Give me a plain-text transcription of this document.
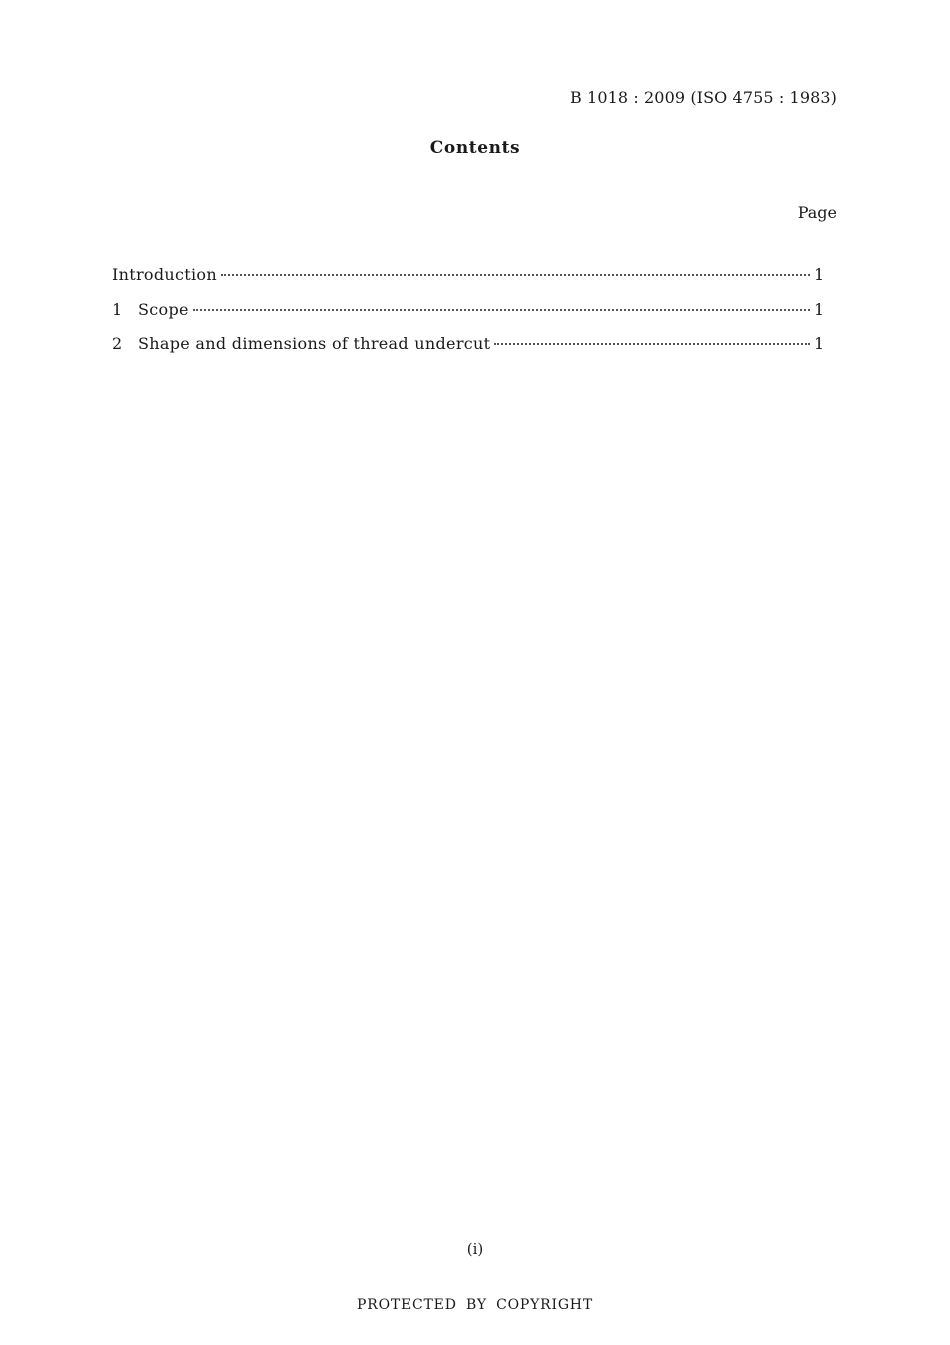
B 1018 : 2009 (ISO 4755 : 1983)
Contents
Page
Introduction	1
1 Scope	1
2 Shape and dimensions of thread undercut	1
(i)
PROTECTED BY COPYRIGHT
